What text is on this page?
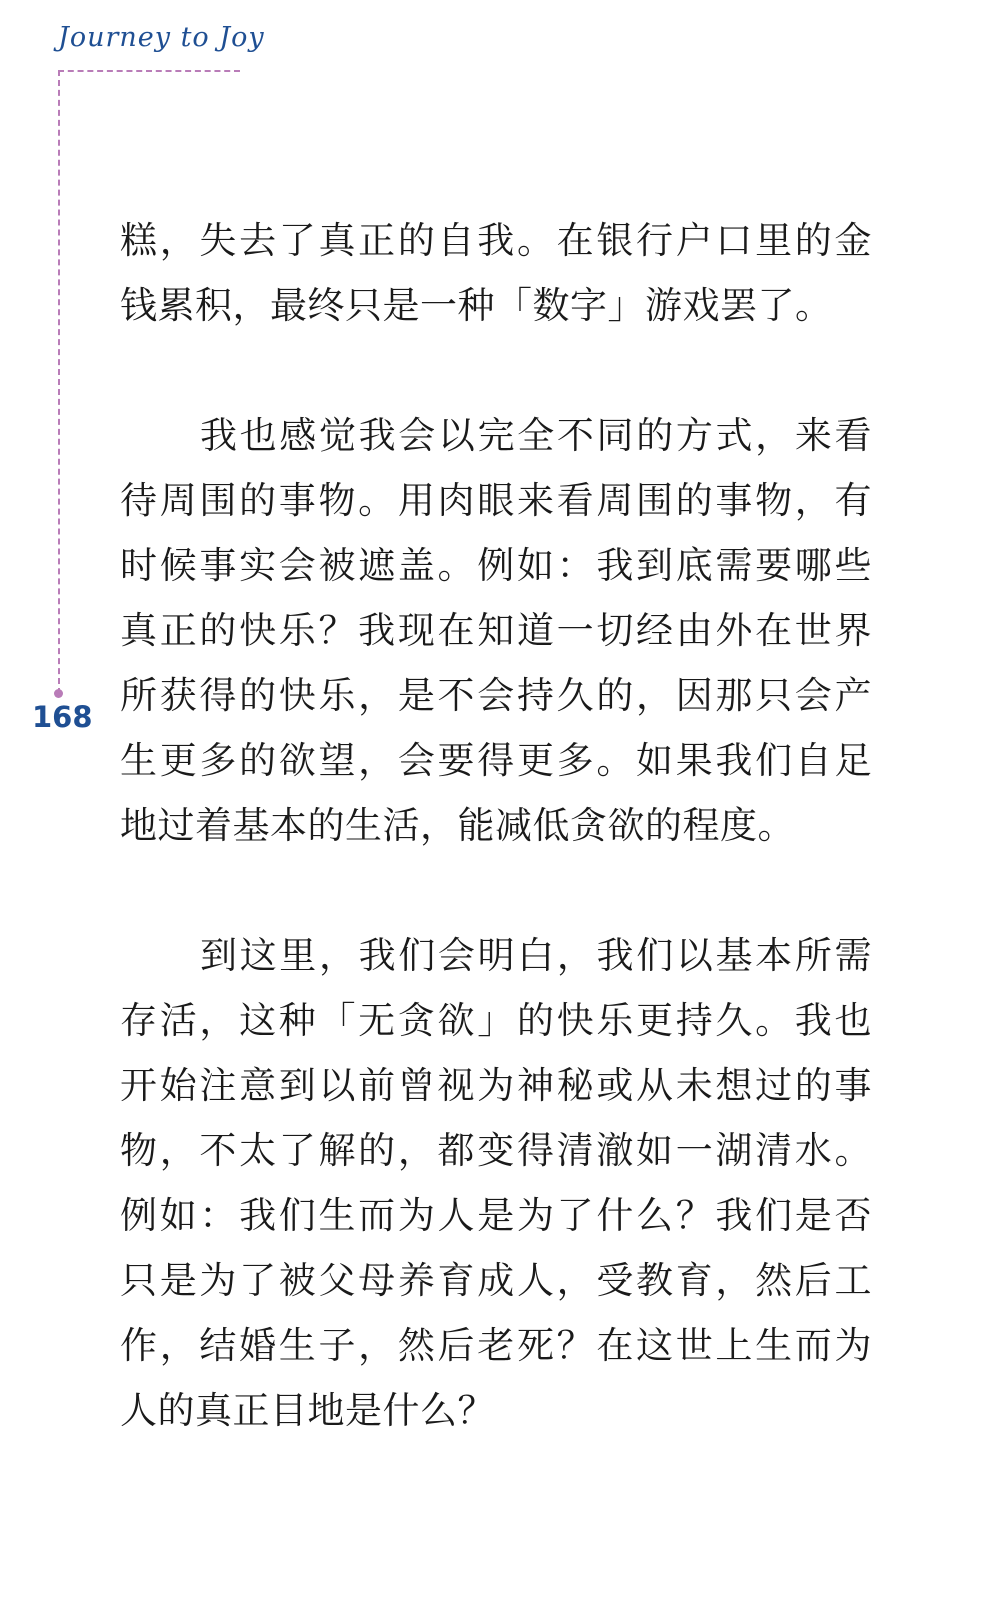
Journey to Joy
168
糕，失去了真正的自我。在银行户口里的金
钱累积，最终只是一种「数字」游戏罢了。
我也感觉我会以完全不同的方式，来看
待周围的事物。用肉眼来看周围的事物，有
时候事实会被遮盖。例如：我到底需要哪些
真正的快乐？我现在知道一切经由外在世界
所获得的快乐，是不会持久的，因那只会产
生更多的欲望，会要得更多。如果我们自足
地过着基本的生活，能减低贪欲的程度。
到这里，我们会明白，我们以基本所需
存活，这种「无贪欲」的快乐更持久。我也
开始注意到以前曾视为神秘或从未想过的事
物，不太了解的，都变得清澈如一湖清水。
例如：我们生而为人是为了什么？我们是否
只是为了被父母养育成人，受教育，然后工
作，结婚生子，然后老死？在这世上生而为
人的真正目地是什么？
